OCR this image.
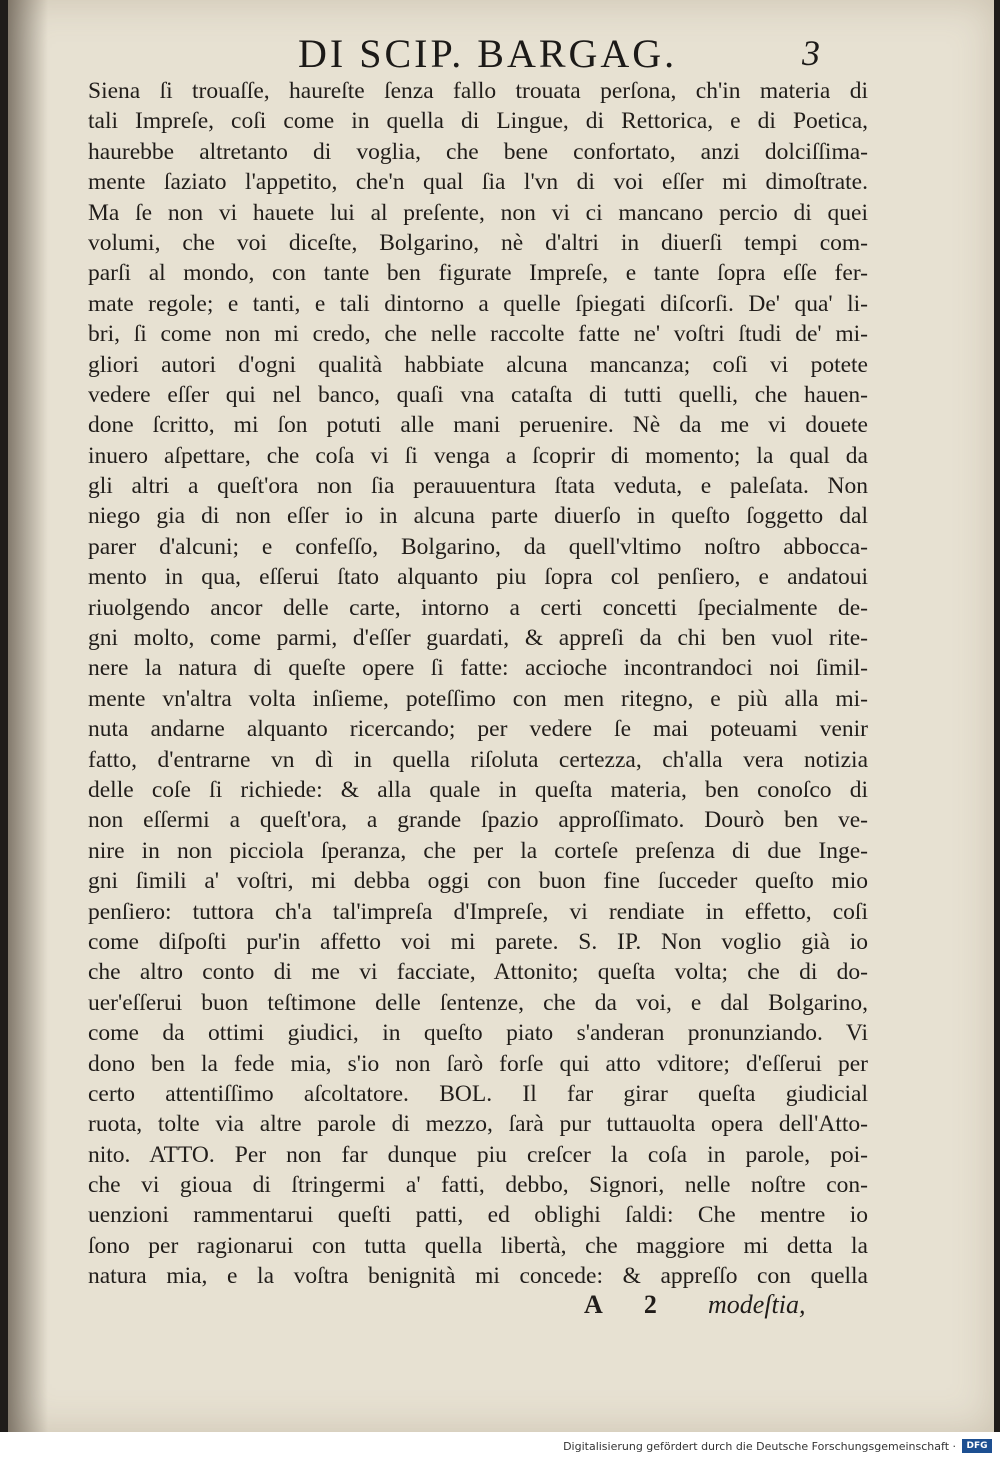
DI SCIP. BARGAG.	3
Siena ſi trouaſſe, haureſte ſenza fallo trouata perſona, ch'in materia di
tali Impreſe, coſi come in quella di Lingue, di Rettorica, e di Poetica,
haurebbe altretanto di voglia, che bene confortato, anzi dolciſſima-
mente ſaziato l'appetito, che'n qual ſia l'vn di voi eſſer mi dimoſtrate.
Ma ſe non vi hauete lui al preſente, non vi ci mancano percio di quei
volumi, che voi diceſte, Bolgarino, nè d'altri in diuerſi tempi com-
parſi al mondo, con tante ben figurate Impreſe, e tante ſopra eſſe fer-
mate regole; e tanti, e tali dintorno a quelle ſpiegati diſcorſi. De' qua' li-
bri, ſi come non mi credo, che nelle raccolte fatte ne' voſtri ſtudi de' mi-
gliori autori d'ogni qualità habbiate alcuna mancanza; coſi vi potete
vedere eſſer qui nel banco, quaſi vna cataſta di tutti quelli, che hauen-
done ſcritto, mi ſon potuti alle mani peruenire. Nè da me vi douete
inuero aſpettare, che coſa vi ſi venga a ſcoprir di momento; la qual da
gli altri a queſt'ora non ſia perauuentura ſtata veduta, e paleſata. Non
niego gia di non eſſer io in alcuna parte diuerſo in queſto ſoggetto dal
parer d'alcuni; e confeſſo, Bolgarino, da quell'vltimo noſtro abbocca-
mento in qua, eſſerui ſtato alquanto piu ſopra col penſiero, e andatoui
riuolgendo ancor delle carte, intorno a certi concetti ſpecialmente de-
gni molto, come parmi, d'eſſer guardati, & appreſi da chi ben vuol rite-
nere la natura di queſte opere ſi fatte: accioche incontrandoci noi ſimil-
mente vn'altra volta inſieme, poteſſimo con men ritegno, e più alla mi-
nuta andarne alquanto ricercando; per vedere ſe mai poteuami venir
fatto, d'entrarne vn dì in quella riſoluta certezza, ch'alla vera notizia
delle coſe ſi richiede: & alla quale in queſta materia, ben conoſco di
non eſſermi a queſt'ora, a grande ſpazio approſſimato. Dourò ben ve-
nire in non picciola ſperanza, che per la corteſe preſenza di due Inge-
gni ſimili a' voſtri, mi debba oggi con buon fine ſucceder queſto mio
penſiero: tuttora ch'a tal'impreſa d'Impreſe, vi rendiate in effetto, coſi
come diſpoſti pur'in affetto voi mi parete. S. IP. Non voglio già io
che altro conto di me vi facciate, Attonito; queſta volta; che di do-
uer'eſſerui buon teſtimone delle ſentenze, che da voi, e dal Bolgarino,
come da ottimi giudici, in queſto piato s'anderan pronunziando. Vi
dono ben la fede mia, s'io non ſarò forſe qui atto vditore; d'eſſerui per
certo attentiſſimo aſcoltatore. BOL. Il far girar queſta giudicial
ruota, tolte via altre parole di mezzo, ſarà pur tuttauolta opera dell'Atto-
nito. ATTO. Per non far dunque piu creſcer la coſa in parole, poi-
che vi gioua di ſtringermi a' fatti, debbo, Signori, nelle noſtre con-
uenzioni rammentarui queſti patti, ed oblighi ſaldi: Che mentre io
ſono per ragionarui con tutta quella libertà, che maggiore mi detta la
natura mia, e la voſtra benignità mi concede: & appreſſo con quella
A 2 modeſtia,
Digitalisierung gefördert durch die Deutsche Forschungsgemeinschaft ·	DFG
